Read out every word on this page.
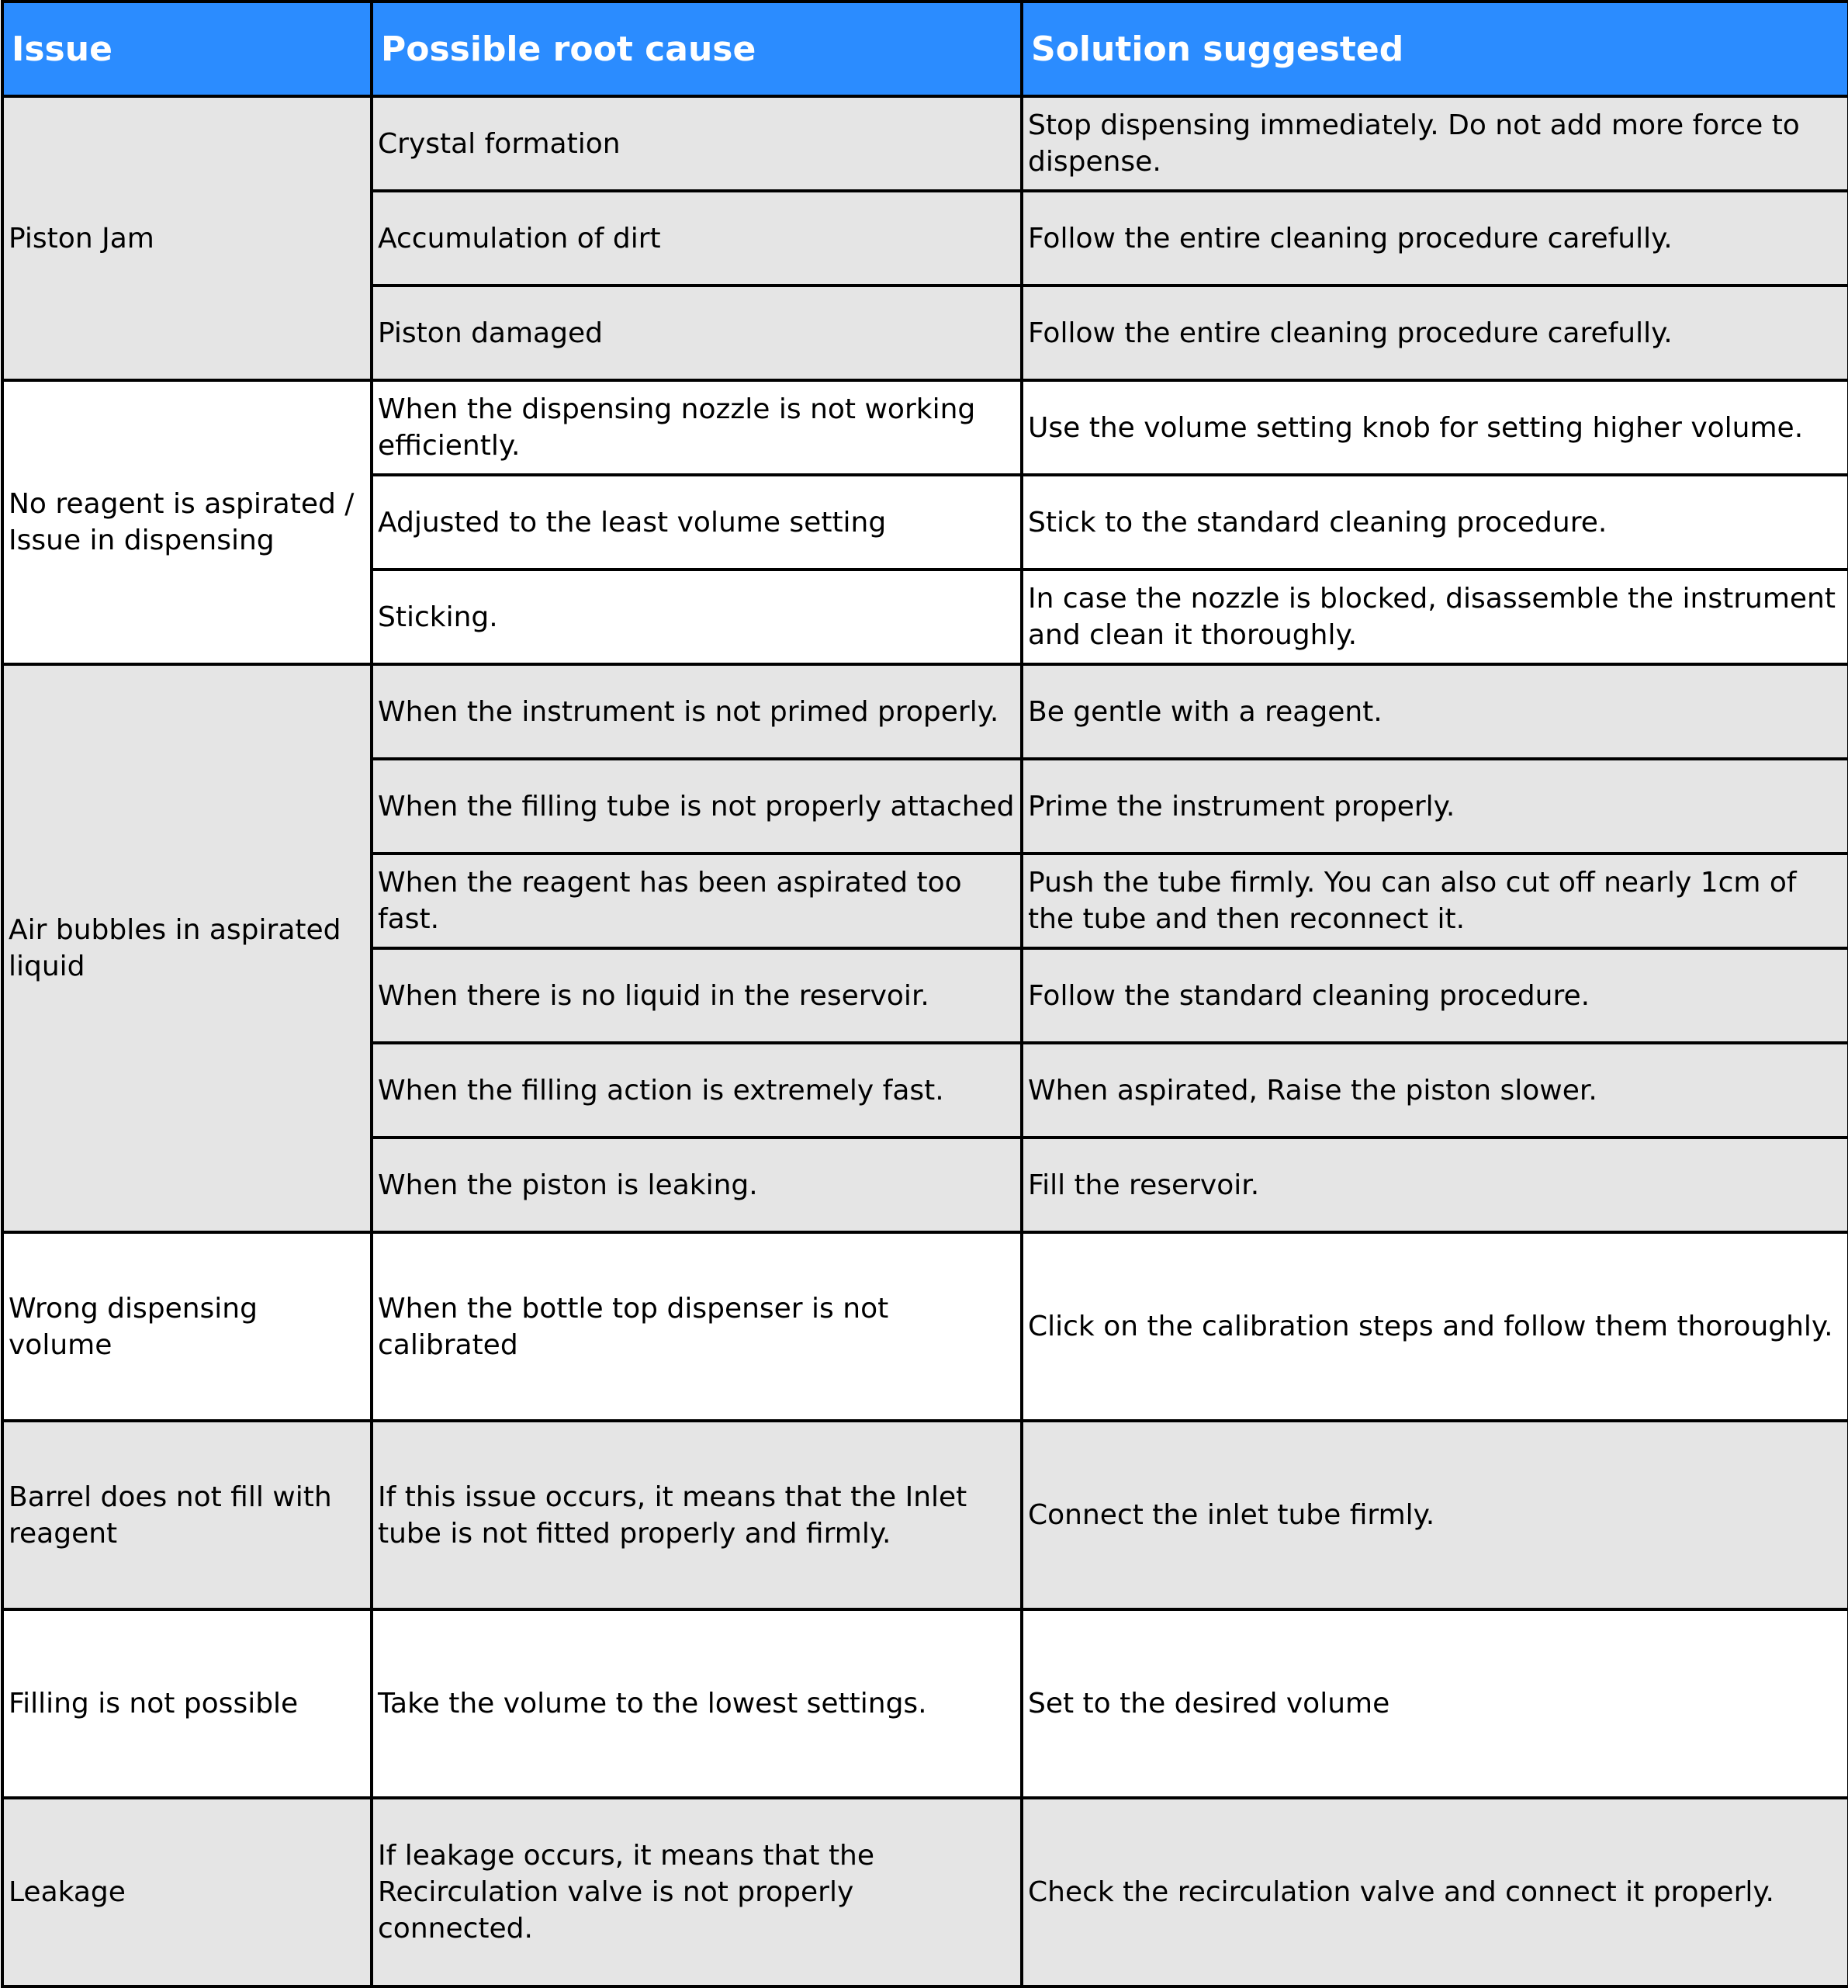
Issue	Possible root cause	Solution suggested
Piston Jam	Crystal formation	Stop dispensing immediately. Do not add more force to dispense.
	Accumulation of dirt	Follow the entire cleaning procedure carefully.
	Piston damaged	Follow the entire cleaning procedure carefully.
No reagent is aspirated / Issue in dispensing	When the dispensing nozzle is not working efficiently.	Use the volume setting knob for setting higher volume.
	Adjusted to the least volume setting	Stick to the standard cleaning procedure.
	Sticking.	In case the nozzle is blocked, disassemble the instrument and clean it thoroughly.
Air bubbles in aspirated liquid	When the instrument is not primed properly.	Be gentle with a reagent.
	When the filling tube is not properly attached	Prime the instrument properly.
	When the reagent has been aspirated too fast.	Push the tube firmly. You can also cut off nearly 1cm of the tube and then reconnect it.
	When there is no liquid in the reservoir.	Follow the standard cleaning procedure.
	When the filling action is extremely fast.	When aspirated, Raise the piston slower.
	When the piston is leaking.	Fill the reservoir.
Wrong dispensing volume	When the bottle top dispenser is not calibrated	Click on the calibration steps and follow them thoroughly.
Barrel does not fill with reagent	If this issue occurs, it means that the Inlet tube is not fitted properly and firmly.	Connect the inlet tube firmly.
Filling is not possible	Take the volume to the lowest settings.	Set to the desired volume
Leakage	If leakage occurs, it means that the Recirculation valve is not properly connected.	Check the recirculation valve and connect it properly.
